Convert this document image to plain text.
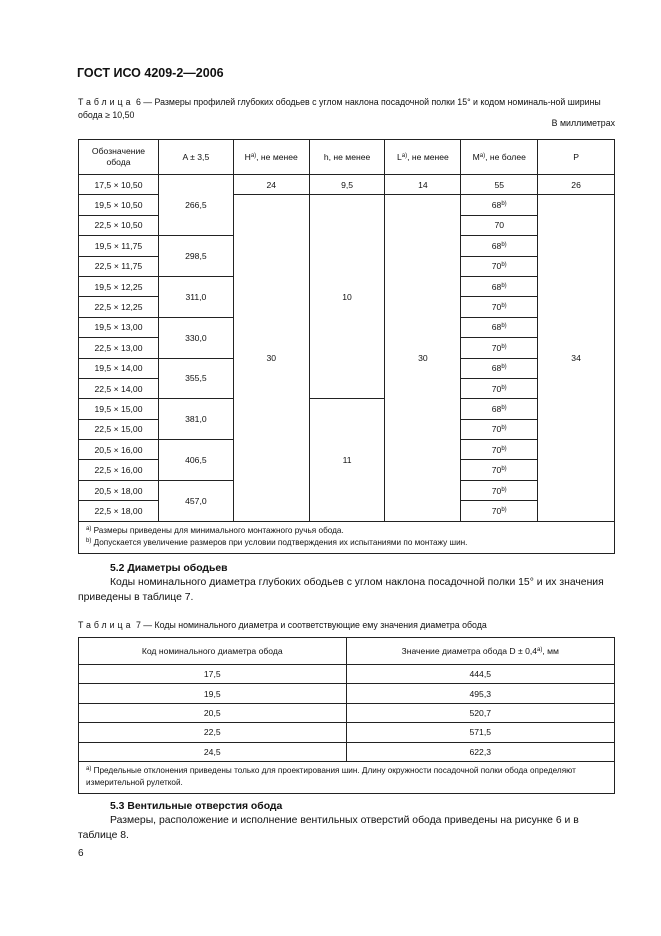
ГОСТ ИСО 4209-2—2006
Таблица 6 — Размеры профилей глубоких ободьев с углом наклона посадочной полки 15° и кодом номиналь-ной ширины обода ≥ 10,50
В миллиметрах
Обозначение обода	A ± 3,5	$H^{а)}$, не менее	h, не менее	$L^{a)}$, не менее	$M^{а)}$, не более	P
17,5 × 10,50	266,5	24	9,5	14	55	26
19,5 × 10,50		30	10	30	68$^{b)}$	34
22,5 × 10,50					70	
19,5 × 11,75	298,5				68$^{b)}$
22,5 × 11,75					70$^{b)}$
19,5 × 12,25	311,0				68$^{b)}$
22,5 × 12,25					70$^{b)}$
19,5 × 13,00	330,0				68$^{b)}$
22,5 × 13,00					70$^{b)}$
19,5 × 14,00	355,5				68$^{b)}$
22,5 × 14,00					70$^{b)}$
19,5 × 15,00	381,0		11		68$^{b)}$
22,5 × 15,00					70$^{b)}$
20,5 × 16,00	406,5				70$^{b)}$
22,5 × 16,00					70$^{b)}$
20,5 × 18,00	457,0				70$^{b)}$
22,5 × 18,00					70$^{b)}$

$^{а)}$ Размеры приведены для минимального монтажного ручья обода.
$^{b)}$ Допускается увеличение размеров при условии подтверждения их испытаниями по монтажу шин.						
5.2 Диаметры ободьев
Коды номинального диаметра глубоких ободьев с углом наклона посадочной полки 15° и их значения приведены в таблице 7.
Таблица 7 — Коды номинального диаметра и соответствующие ему значения диаметра обода
Код номинального диаметра обода	Значение диаметра обода $D \pm 0,4^{а)}$, мм
17,5	444,5
19,5	495,3
20,5	520,7
22,5	571,5
24,5	622,3
$^{а)}$ Предельные отклонения приведены только для проектирования шин. Длину окружности посадочной полки обода определяют измерительной рулеткой.	
5.3 Вентильные отверстия обода
Размеры, расположение и исполнение вентильных отверстий обода приведены на рисунке 6 и в таблице 8.
6
